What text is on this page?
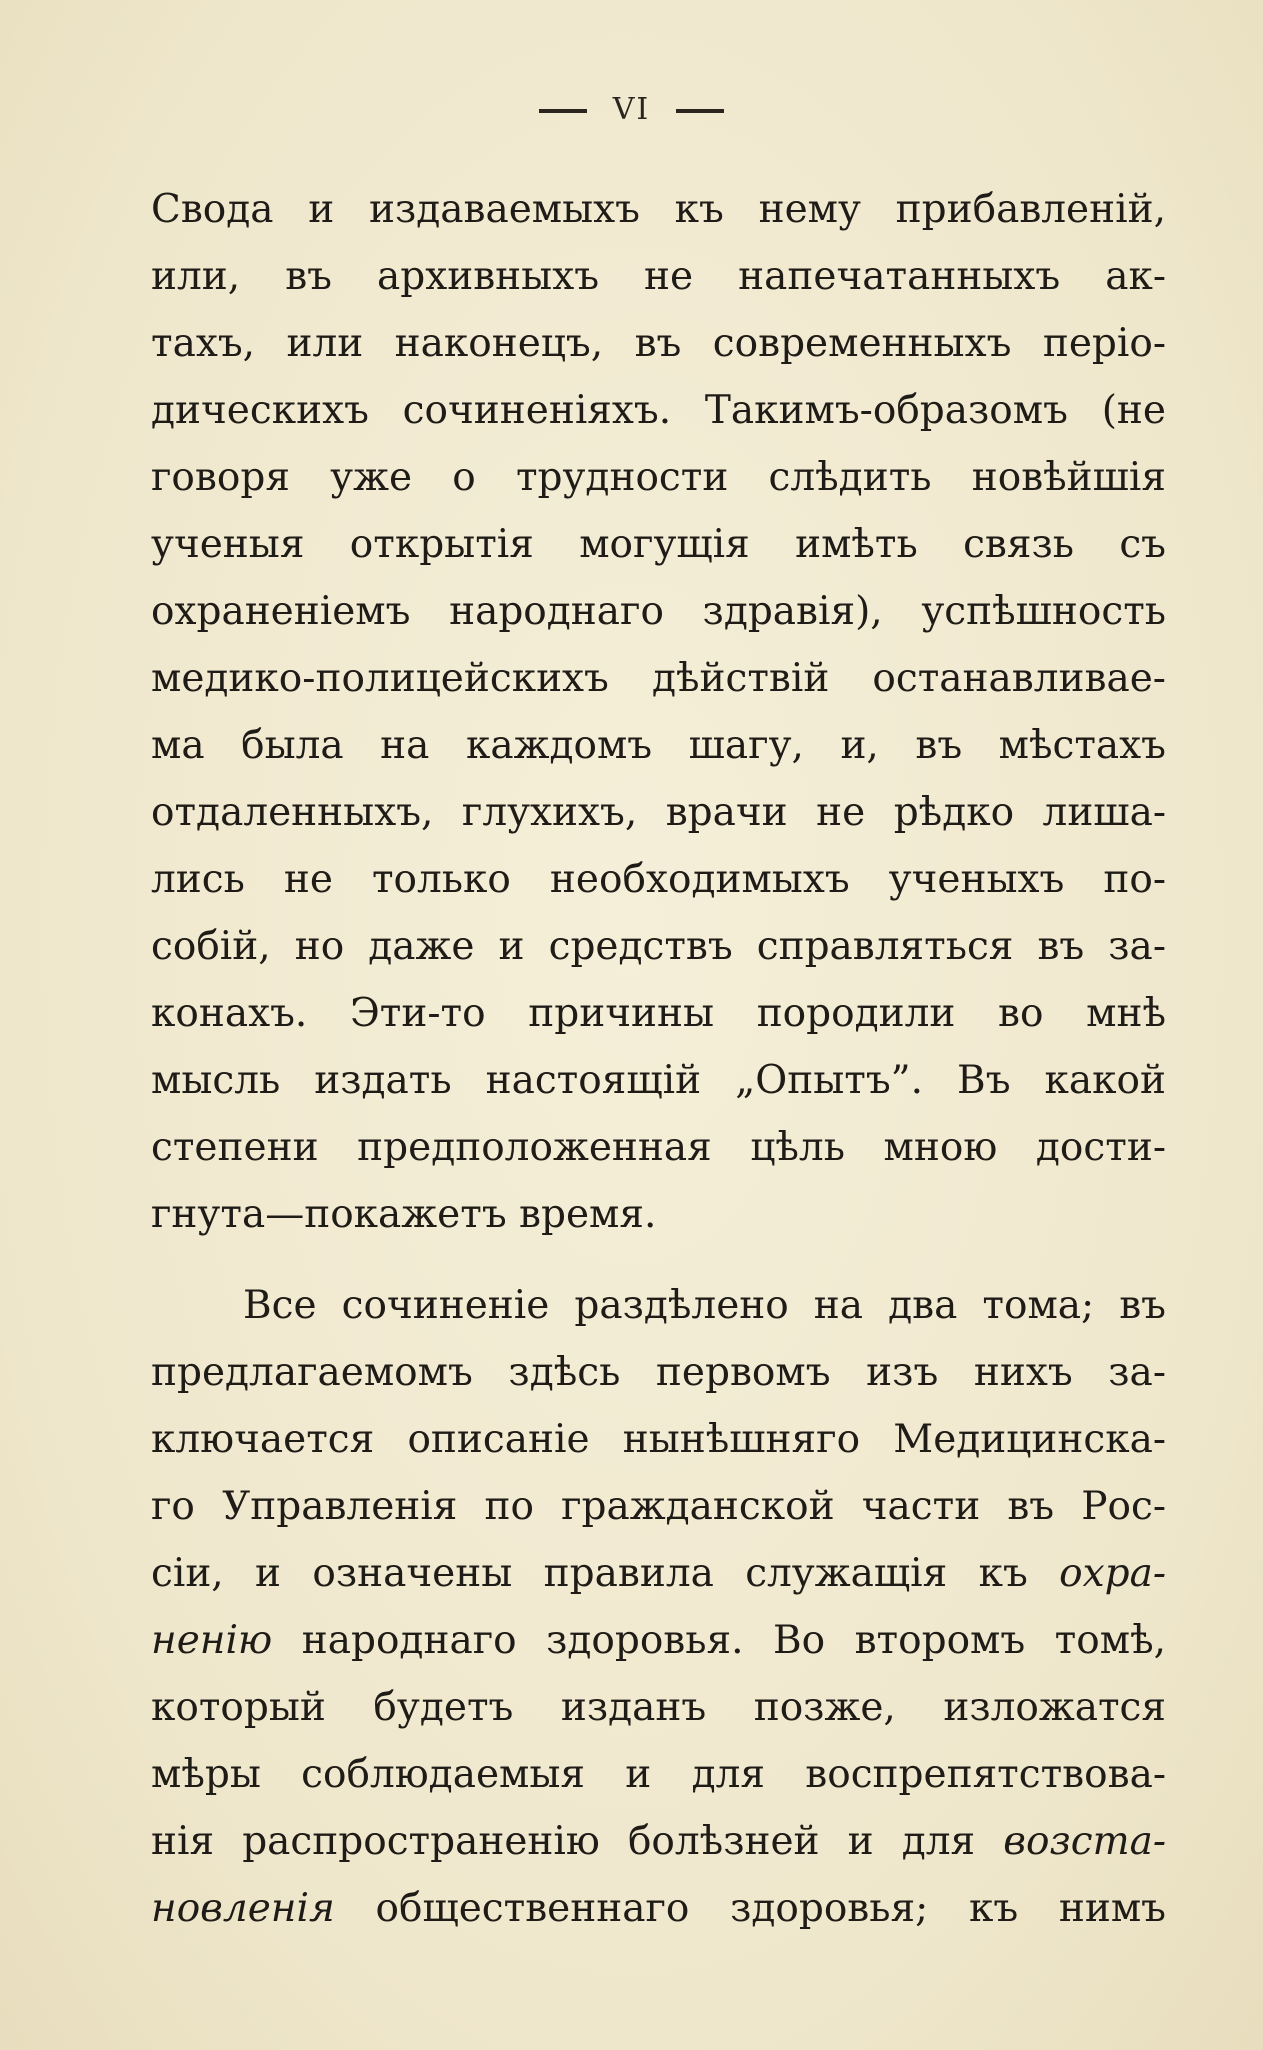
VI
Свода и издаваемыхъ къ нему прибавленій,
или, въ архивныхъ не напечатанныхъ ак-
тахъ, или наконецъ, въ современныхъ періо-
дическихъ сочиненіяхъ. Такимъ-образомъ (не
говоря уже о трудности слѣдить новѣйшія
ученыя открытія могущія имѣть связь съ
охраненіемъ народнаго здравія), успѣшность
медико-полицейскихъ дѣйствій останавливае-
ма была на каждомъ шагу, и, въ мѣстахъ
отдаленныхъ, глухихъ, врачи не рѣдко лиша-
лись не только необходимыхъ ученыхъ по-
собій, но даже и средствъ справляться въ за-
конахъ. Эти-то причины породили во мнѣ
мысль издать настоящій „Опытъ”. Въ какой
степени предположенная цѣль мною дости-
гнута—покажетъ время.
Все сочиненіе раздѣлено на два тома; въ
предлагаемомъ здѣсь первомъ изъ нихъ за-
ключается описаніе нынѣшняго Медицинска-
го Управленія по гражданской части въ Рос-
сіи, и означены правила служащія къ охра-
ненію народнаго здоровья. Во второмъ томѣ,
который будетъ изданъ позже, изложатся
мѣры соблюдаемыя и для воспрепятствова-
нія распространенію болѣзней и для возста-
новленія общественнаго здоровья; къ нимъ
